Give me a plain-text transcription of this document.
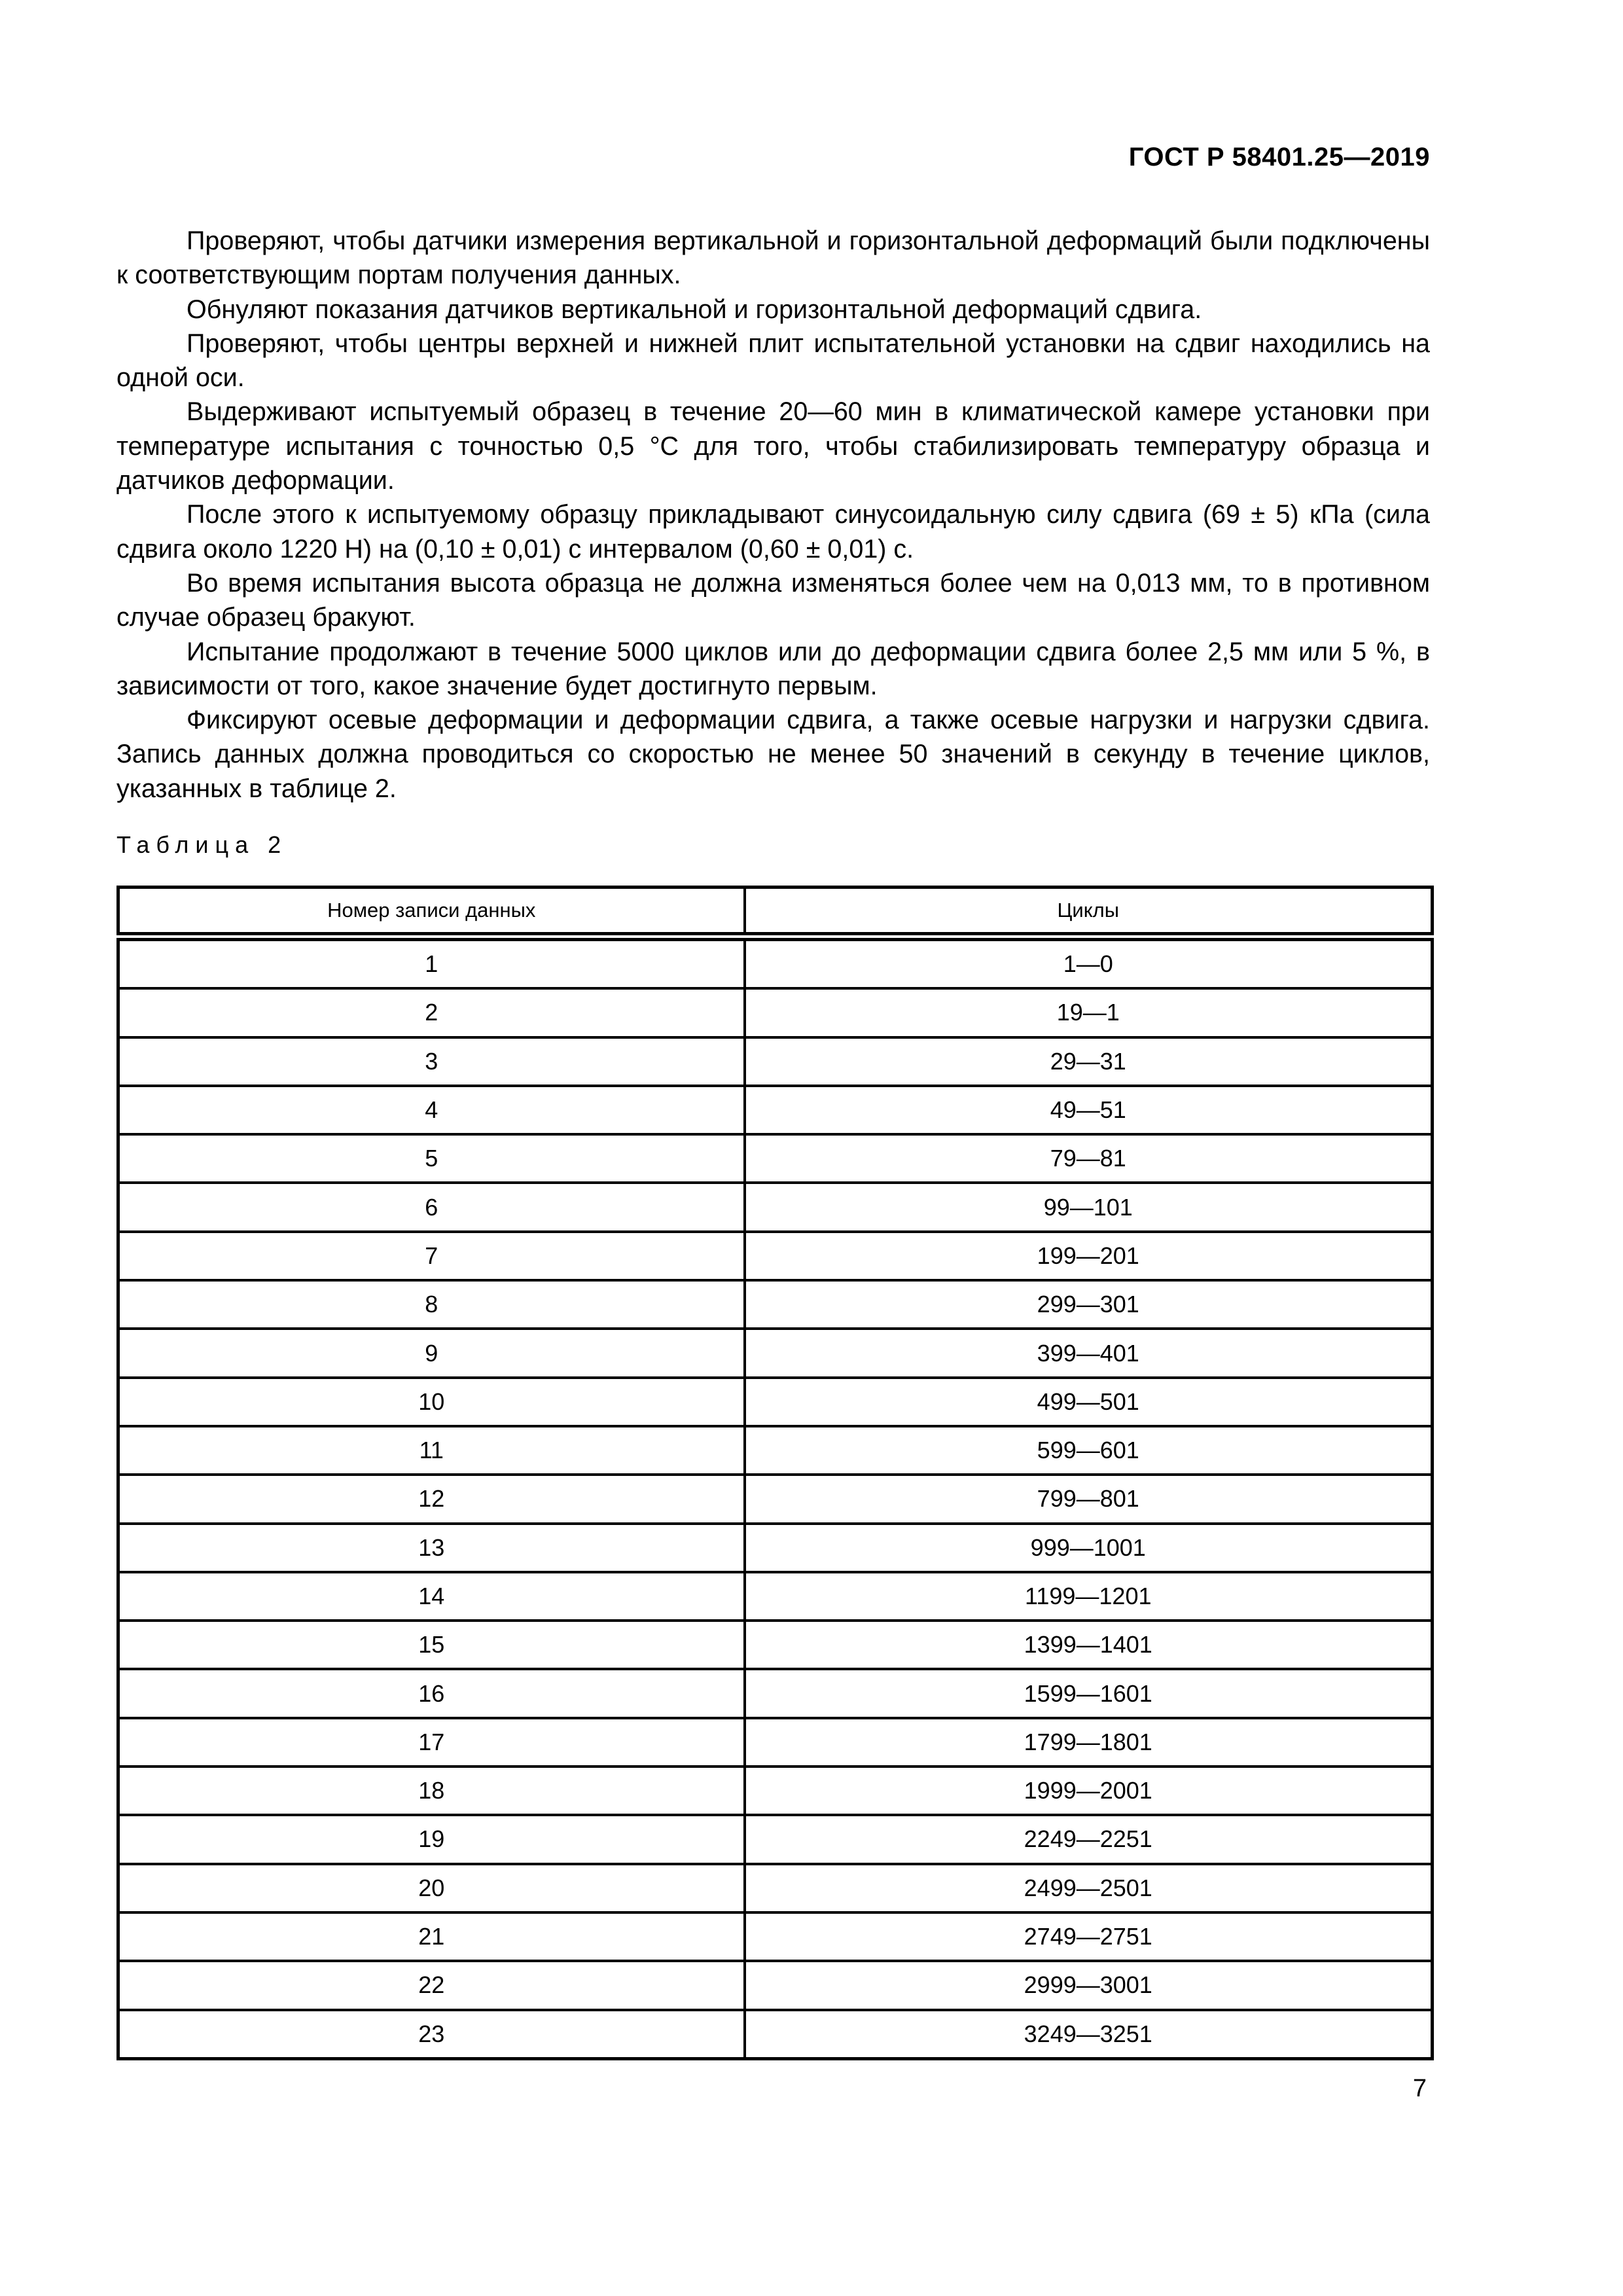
ГОСТ Р 58401.25—2019

Проверяют, чтобы датчики измерения вертикальной и горизонтальной деформаций были подключены к соответствующим портам получения данных.

Обнуляют показания датчиков вертикальной и горизонтальной деформаций сдвига.

Проверяют, чтобы центры верхней и нижней плит испытательной установки на сдвиг находились на одной оси.

Выдерживают испытуемый образец в течение 20—60 мин в климатической камере установки при температуре испытания с точностью 0,5 °С для того, чтобы стабилизировать температуру образца и датчиков деформации.

После этого к испытуемому образцу прикладывают синусоидальную силу сдвига (69 ± 5) кПа (сила сдвига около 1220 Н) на (0,10 ± 0,01) с интервалом (0,60 ± 0,01) с.

Во время испытания высота образца не должна изменяться более чем на 0,013 мм, то в противном случае образец бракуют.

Испытание продолжают в течение 5000 циклов или до деформации сдвига более 2,5 мм или 5 %, в зависимости от того, какое значение будет достигнуто первым.

Фиксируют осевые деформации и деформации сдвига, а также осевые нагрузки и нагрузки сдвига. Запись данных должна проводиться со скоростью не менее 50 значений в секунду в течение циклов, указанных в таблице 2.

Таблица 2
Номер записи данных	Циклы
1	1—0
2	19—1
3	29—31
4	49—51
5	79—81
6	99—101
7	199—201
8	299—301
9	399—401
10	499—501
11	599—601
12	799—801
13	999—1001
14	1199—1201
15	1399—1401
16	1599—1601
17	1799—1801
18	1999—2001
19	2249—2251
20	2499—2501
21	2749—2751
22	2999—3001
23	3249—3251
7
